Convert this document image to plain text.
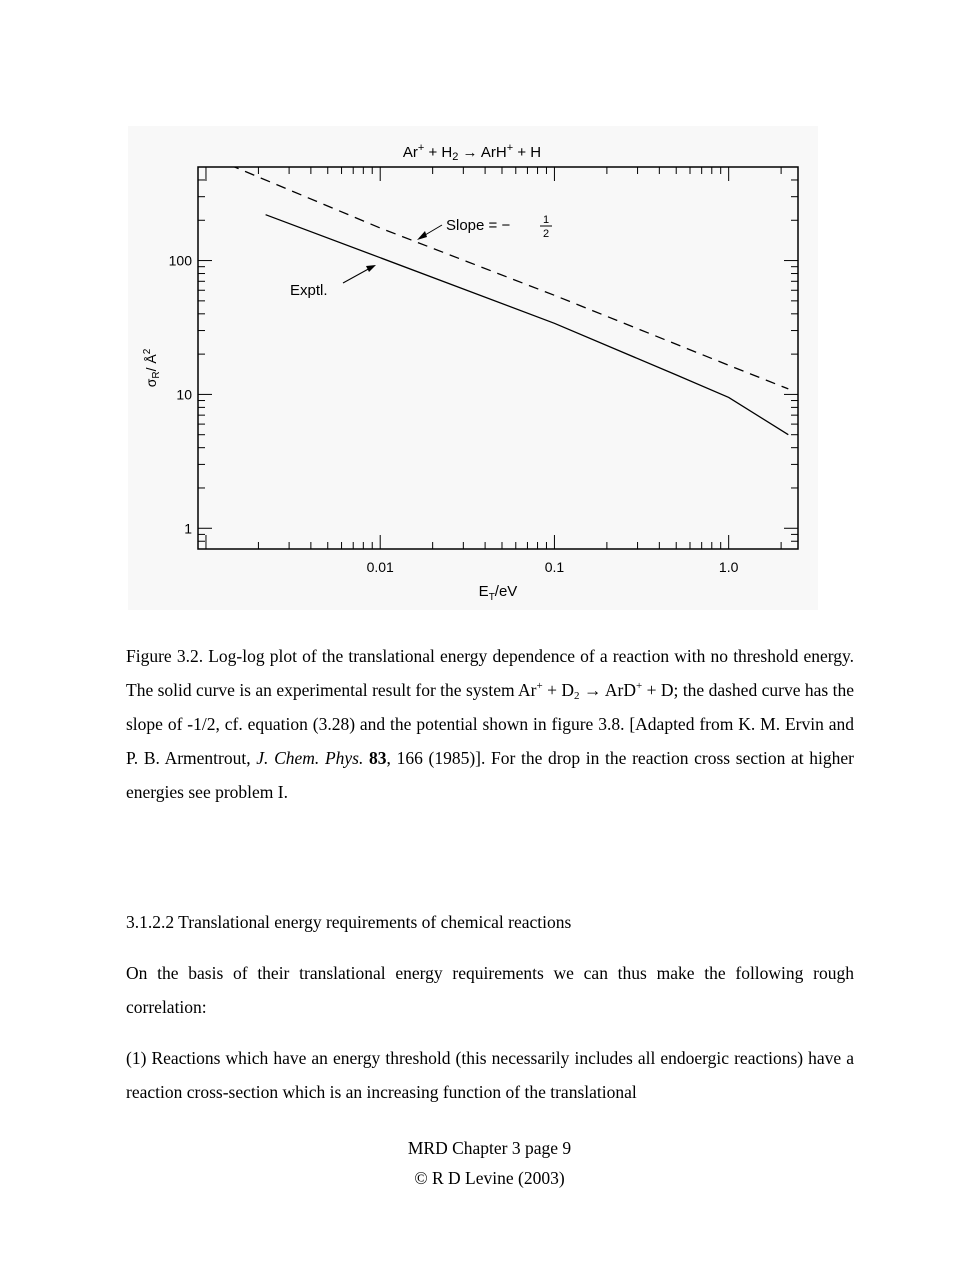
0.01	0.1	1.0
100
10
1
$Ar^+ + H_2 \to ArH^+ + H$
$\sigma_R/$ $Å^2$
$E_T/eV$
Slope = −	1
2
Exptl.

Figure 3.2. Log-log plot of the translational energy dependence of a reaction with no threshold energy. The solid curve is an experimental result for the system $Ar^+ + D_2 \to ArD^+ + D$; the dashed curve has the slope of -1/2, cf. equation (3.28) and the potential shown in figure 3.8. [Adapted from K. M. Ervin and P. B. Armentrout, J. Chem. Phys. 83, 166 (1985)]. For the drop in the reaction cross section at higher energies see problem I.

3.1.2.2 Translational energy requirements of chemical reactions

On the basis of their translational energy requirements we can thus make the following rough correlation:

(1) Reactions which have an energy threshold (this necessarily includes all endoergic reactions) have a reaction cross-section which is an increasing function of the translational

MRD Chapter 3 page 9
© R D Levine (2003)
